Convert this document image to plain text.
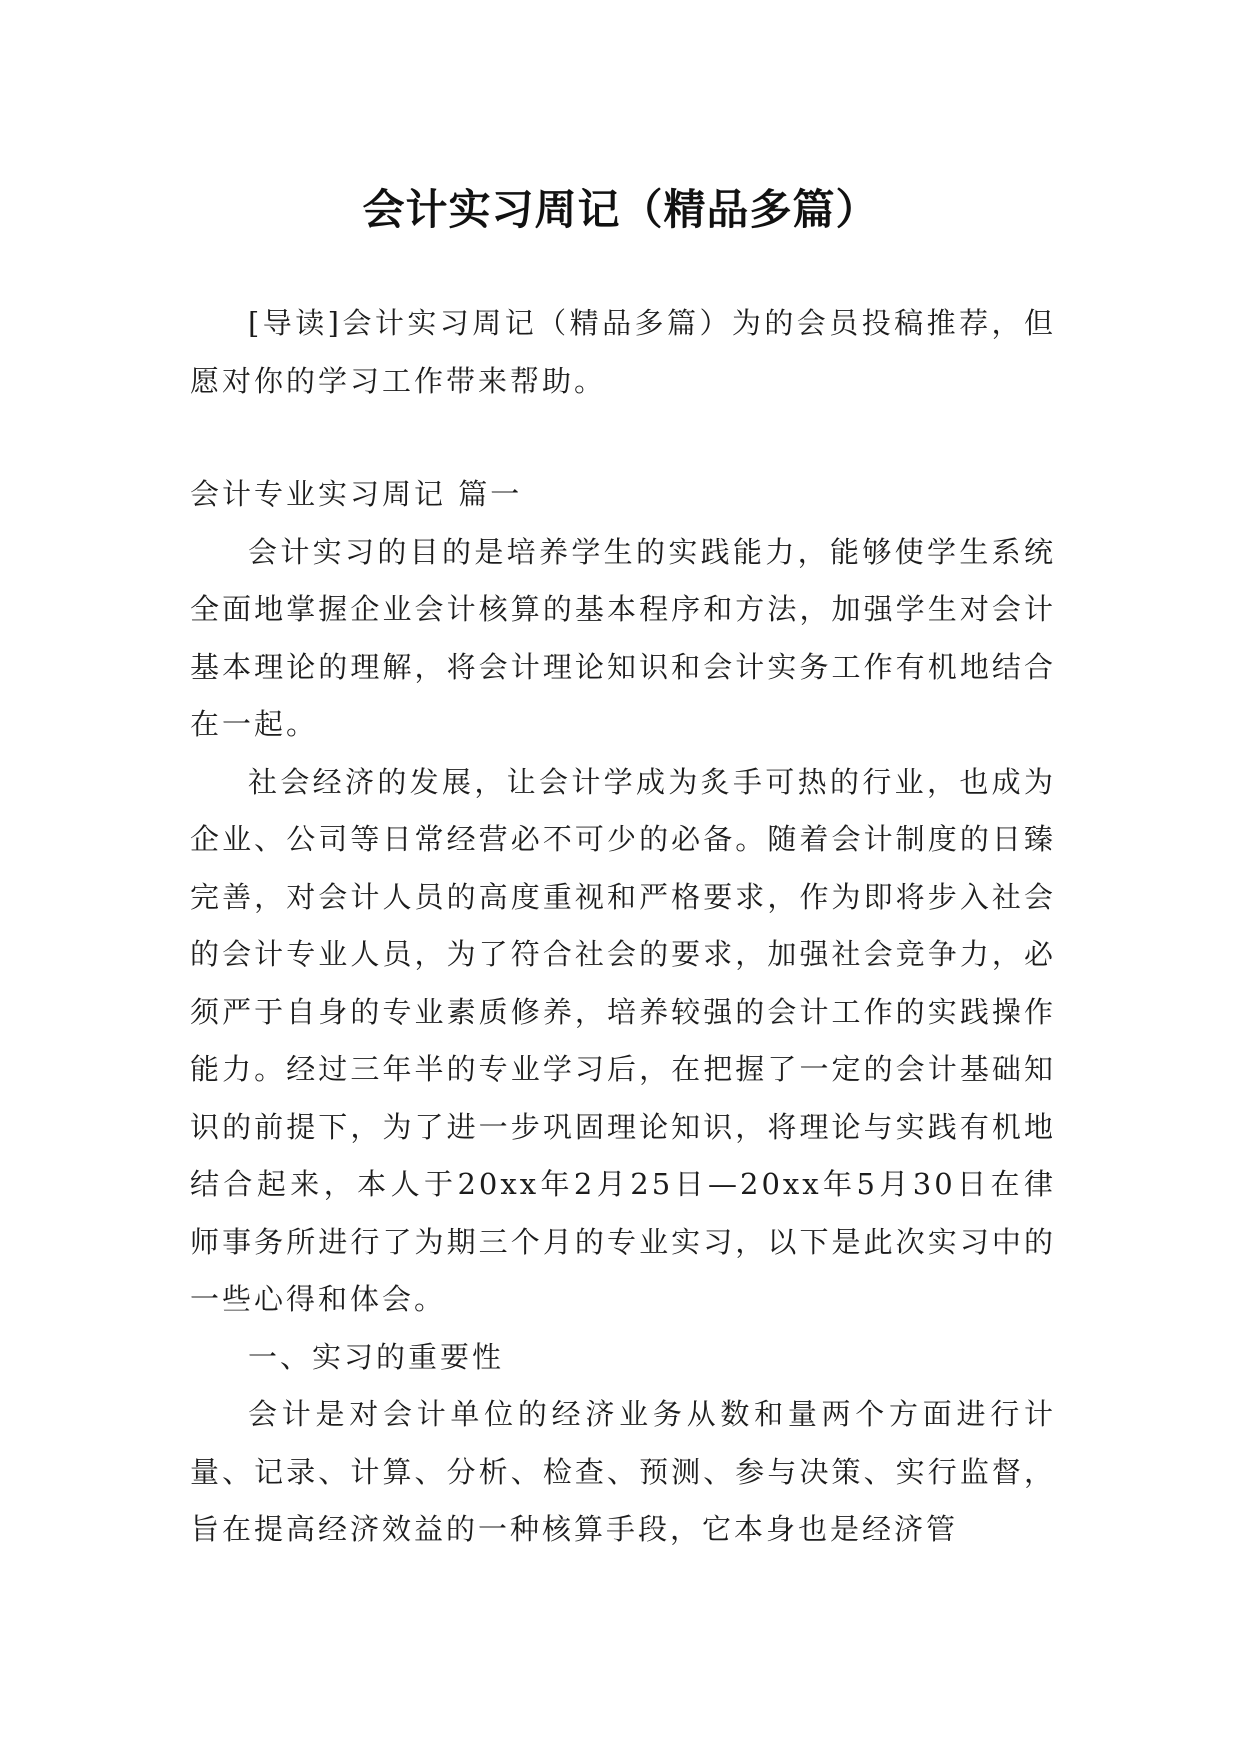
会计实习周记（精品多篇）

[导读]会计实习周记（精品多篇）为的会员投稿推荐，但愿对你的学习工作带来帮助。

会计专业实习周记 篇一

会计实习的目的是培养学生的实践能力，能够使学生系统全面地掌握企业会计核算的基本程序和方法，加强学生对会计基本理论的理解，将会计理论知识和会计实务工作有机地结合在一起。

社会经济的发展，让会计学成为炙手可热的行业，也成为企业、公司等日常经营必不可少的必备。随着会计制度的日臻完善，对会计人员的高度重视和严格要求，作为即将步入社会的会计专业人员，为了符合社会的要求，加强社会竞争力，必须严于自身的专业素质修养，培养较强的会计工作的实践操作能力。经过三年半的专业学习后，在把握了一定的会计基础知识的前提下，为了进一步巩固理论知识，将理论与实践有机地结合起来，本人于20xx年2月25日—20xx年5月30日在律师事务所进行了为期三个月的专业实习，以下是此次实习中的一些心得和体会。

一、实习的重要性

会计是对会计单位的经济业务从数和量两个方面进行计量、记录、计算、分析、检查、预测、参与决策、实行监督，旨在提高经济效益的一种核算手段，它本身也是经济管
